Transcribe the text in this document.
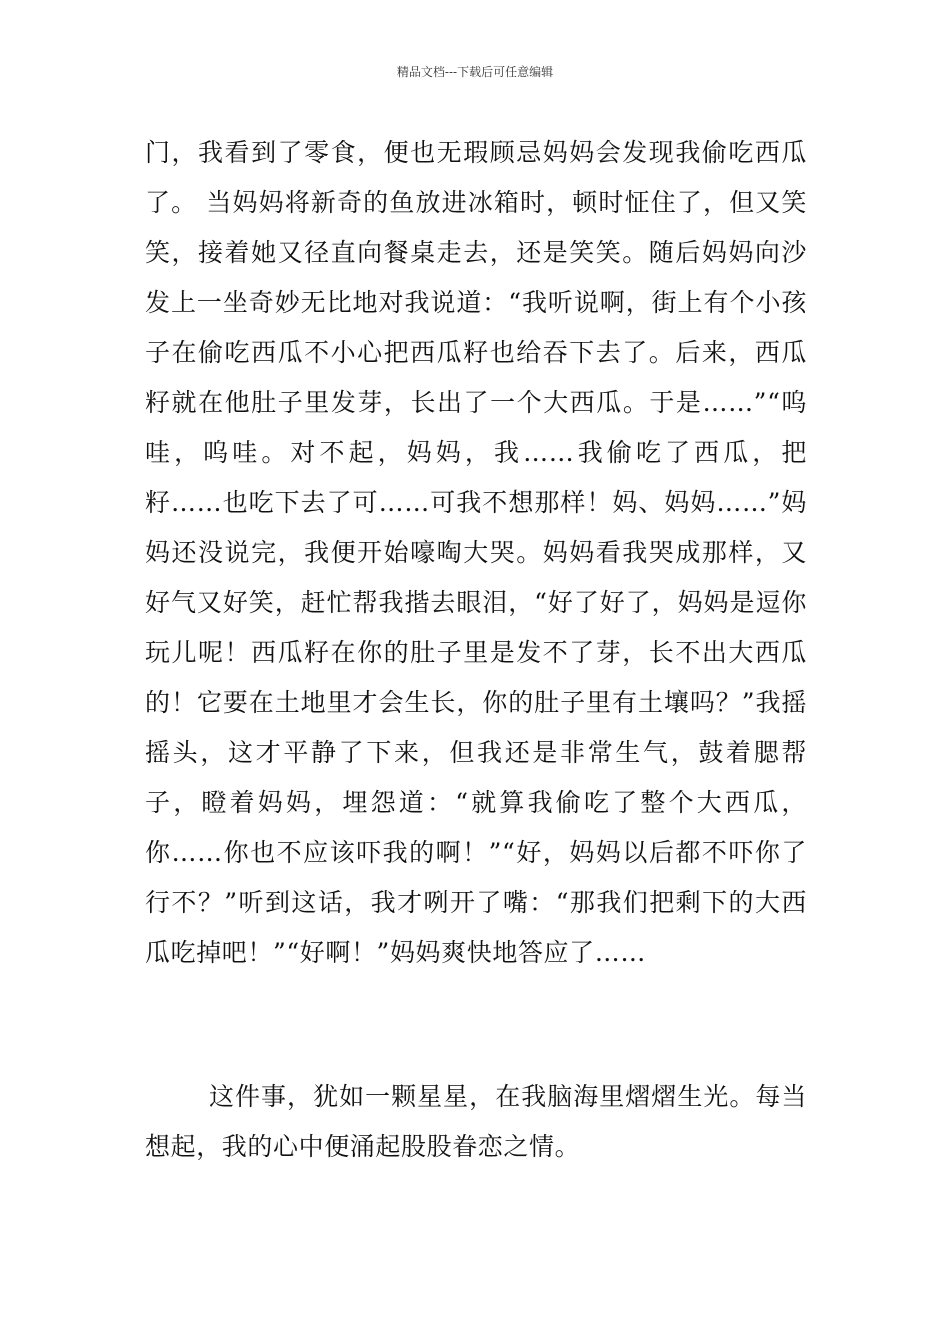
精品文档---下载后可任意编辑

门，我看到了零食，便也无瑕顾忌妈妈会发现我偷吃西瓜了。 当妈妈将新奇的鱼放进冰箱时，顿时怔住了，但又笑笑，接着她又径直向餐桌走去，还是笑笑。随后妈妈向沙发上一坐奇妙无比地对我说道：“我听说啊，街上有个小孩子在偷吃西瓜不小心把西瓜籽也给吞下去了。后来，西瓜籽就在他肚子里发芽，长出了一个大西瓜。于是……”“呜哇，呜哇。对不起，妈妈，我……我偷吃了西瓜，把籽……也吃下去了可……可我不想那样！妈、妈妈……”妈妈还没说完，我便开始嚎啕大哭。妈妈看我哭成那样，又好气又好笑，赶忙帮我揩去眼泪，“好了好了，妈妈是逗你玩儿呢！西瓜籽在你的肚子里是发不了芽，长不出大西瓜的！它要在土地里才会生长，你的肚子里有土壤吗？”我摇摇头，这才平静了下来，但我还是非常生气，鼓着腮帮子，瞪着妈妈，埋怨道：“就算我偷吃了整个大西瓜，你……你也不应该吓我的啊！”“好，妈妈以后都不吓你了行不？”听到这话，我才咧开了嘴：“那我们把剩下的大西瓜吃掉吧！”“好啊！”妈妈爽快地答应了……

这件事，犹如一颗星星，在我脑海里熠熠生光。每当想起，我的心中便涌起股股眷恋之情。
